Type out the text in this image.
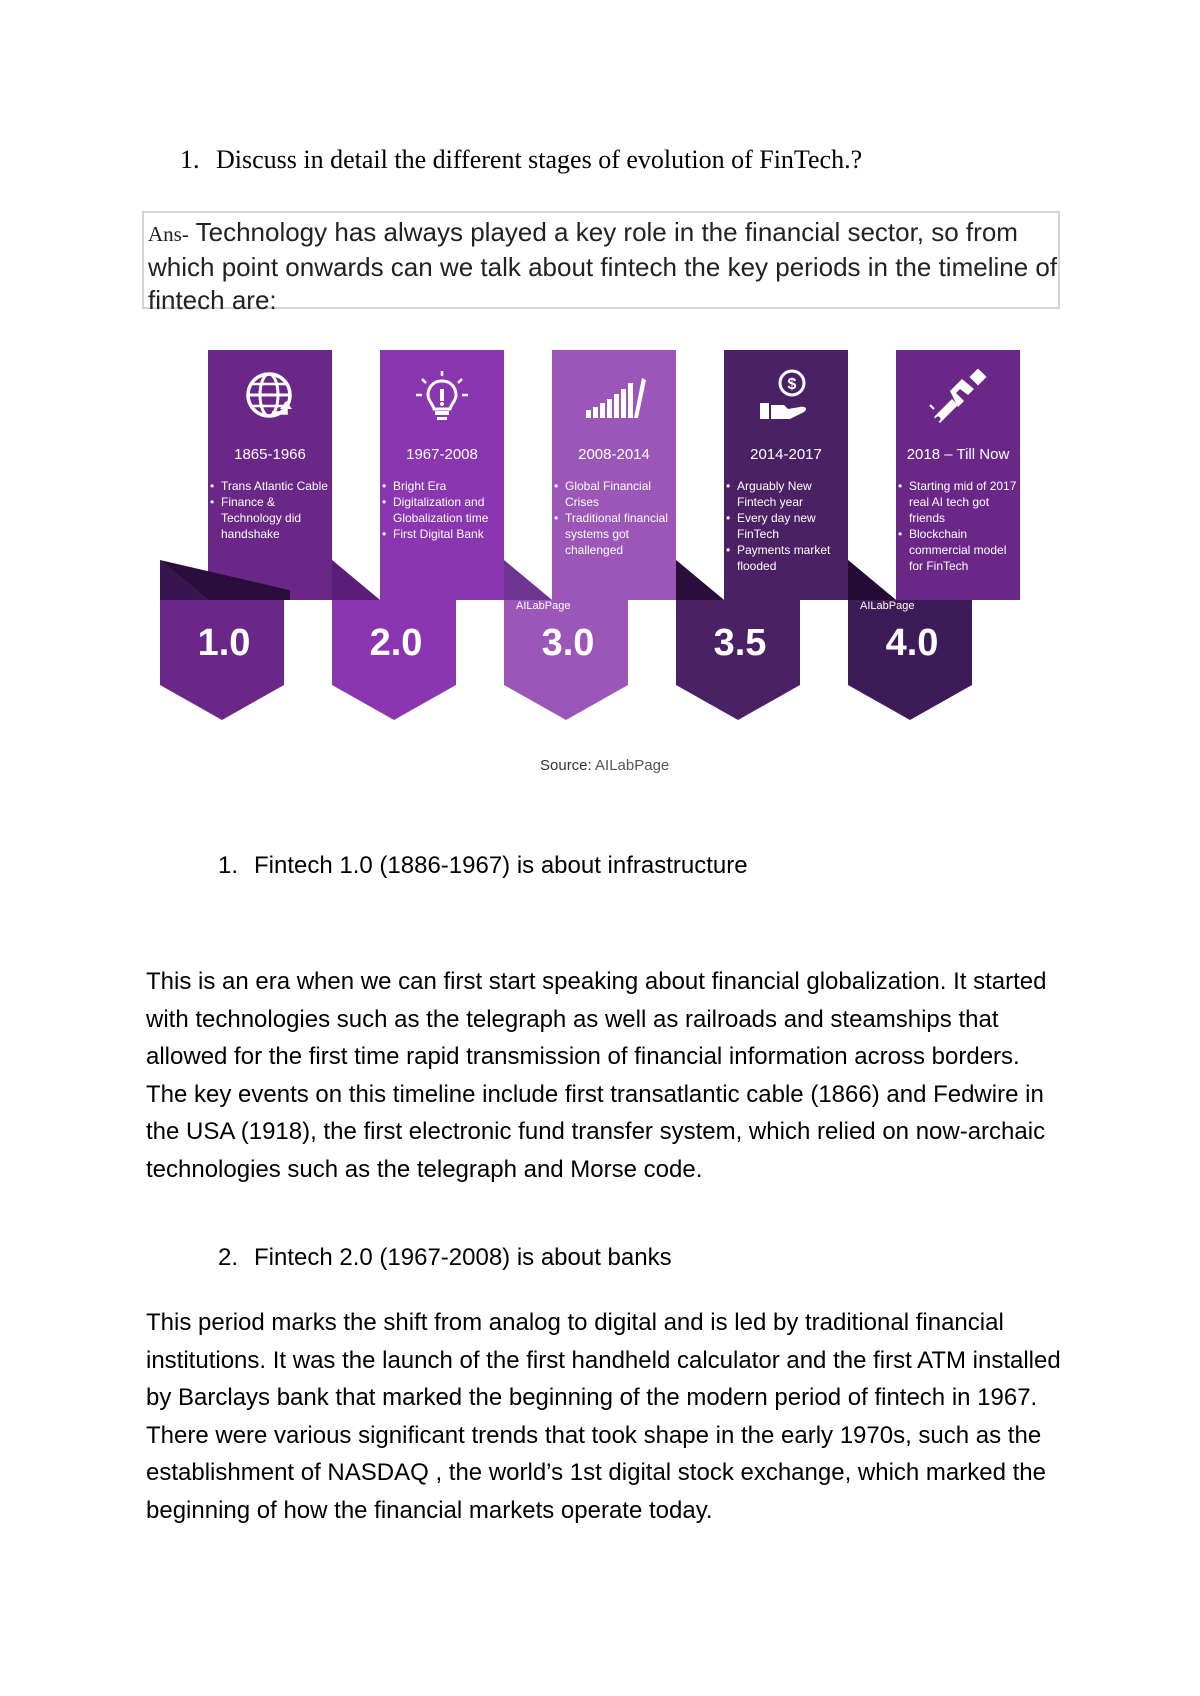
1. Discuss in detail the different stages of evolution of FinTech.?
Ans- Technology has always played a key role in the financial sector, so from which point onwards can we talk about fintech the key periods in the timeline of fintech are:
1865-1966
• Trans Atlantic Cable
• Finance & Technology did handshake
1.0
1967-2008
• Bright Era
• Digitalization and Globalization time
• First Digital Bank
2.0
2008-2014
• Global Financial Crises
• Traditional financial systems got challenged
AILabPage
3.0
$
2014-2017
• Arguably New Fintech year
• Every day new FinTech
• Payments market flooded
3.5
2018 – Till Now
• Starting mid of 2017 real AI tech got friends
• Blockchain commercial model for FinTech
AILabPage
4.0
Source: AILabPage
1. Fintech 1.0 (1886-1967) is about infrastructure

This is an era when we can first start speaking about financial globalization. It started with technologies such as the telegraph as well as railroads and steamships that allowed for the first time rapid transmission of financial information across borders. The key events on this timeline include first transatlantic cable (1866) and Fedwire in the USA (1918), the first electronic fund transfer system, which relied on now-archaic technologies such as the telegraph and Morse code.

2. Fintech 2.0 (1967-2008) is about banks

This period marks the shift from analog to digital and is led by traditional financial institutions. It was the launch of the first handheld calculator and the first ATM installed by Barclays bank that marked the beginning of the modern period of fintech in 1967. There were various significant trends that took shape in the early 1970s, such as the establishment of NASDAQ , the world’s 1st digital stock exchange, which marked the beginning of how the financial markets operate today.
